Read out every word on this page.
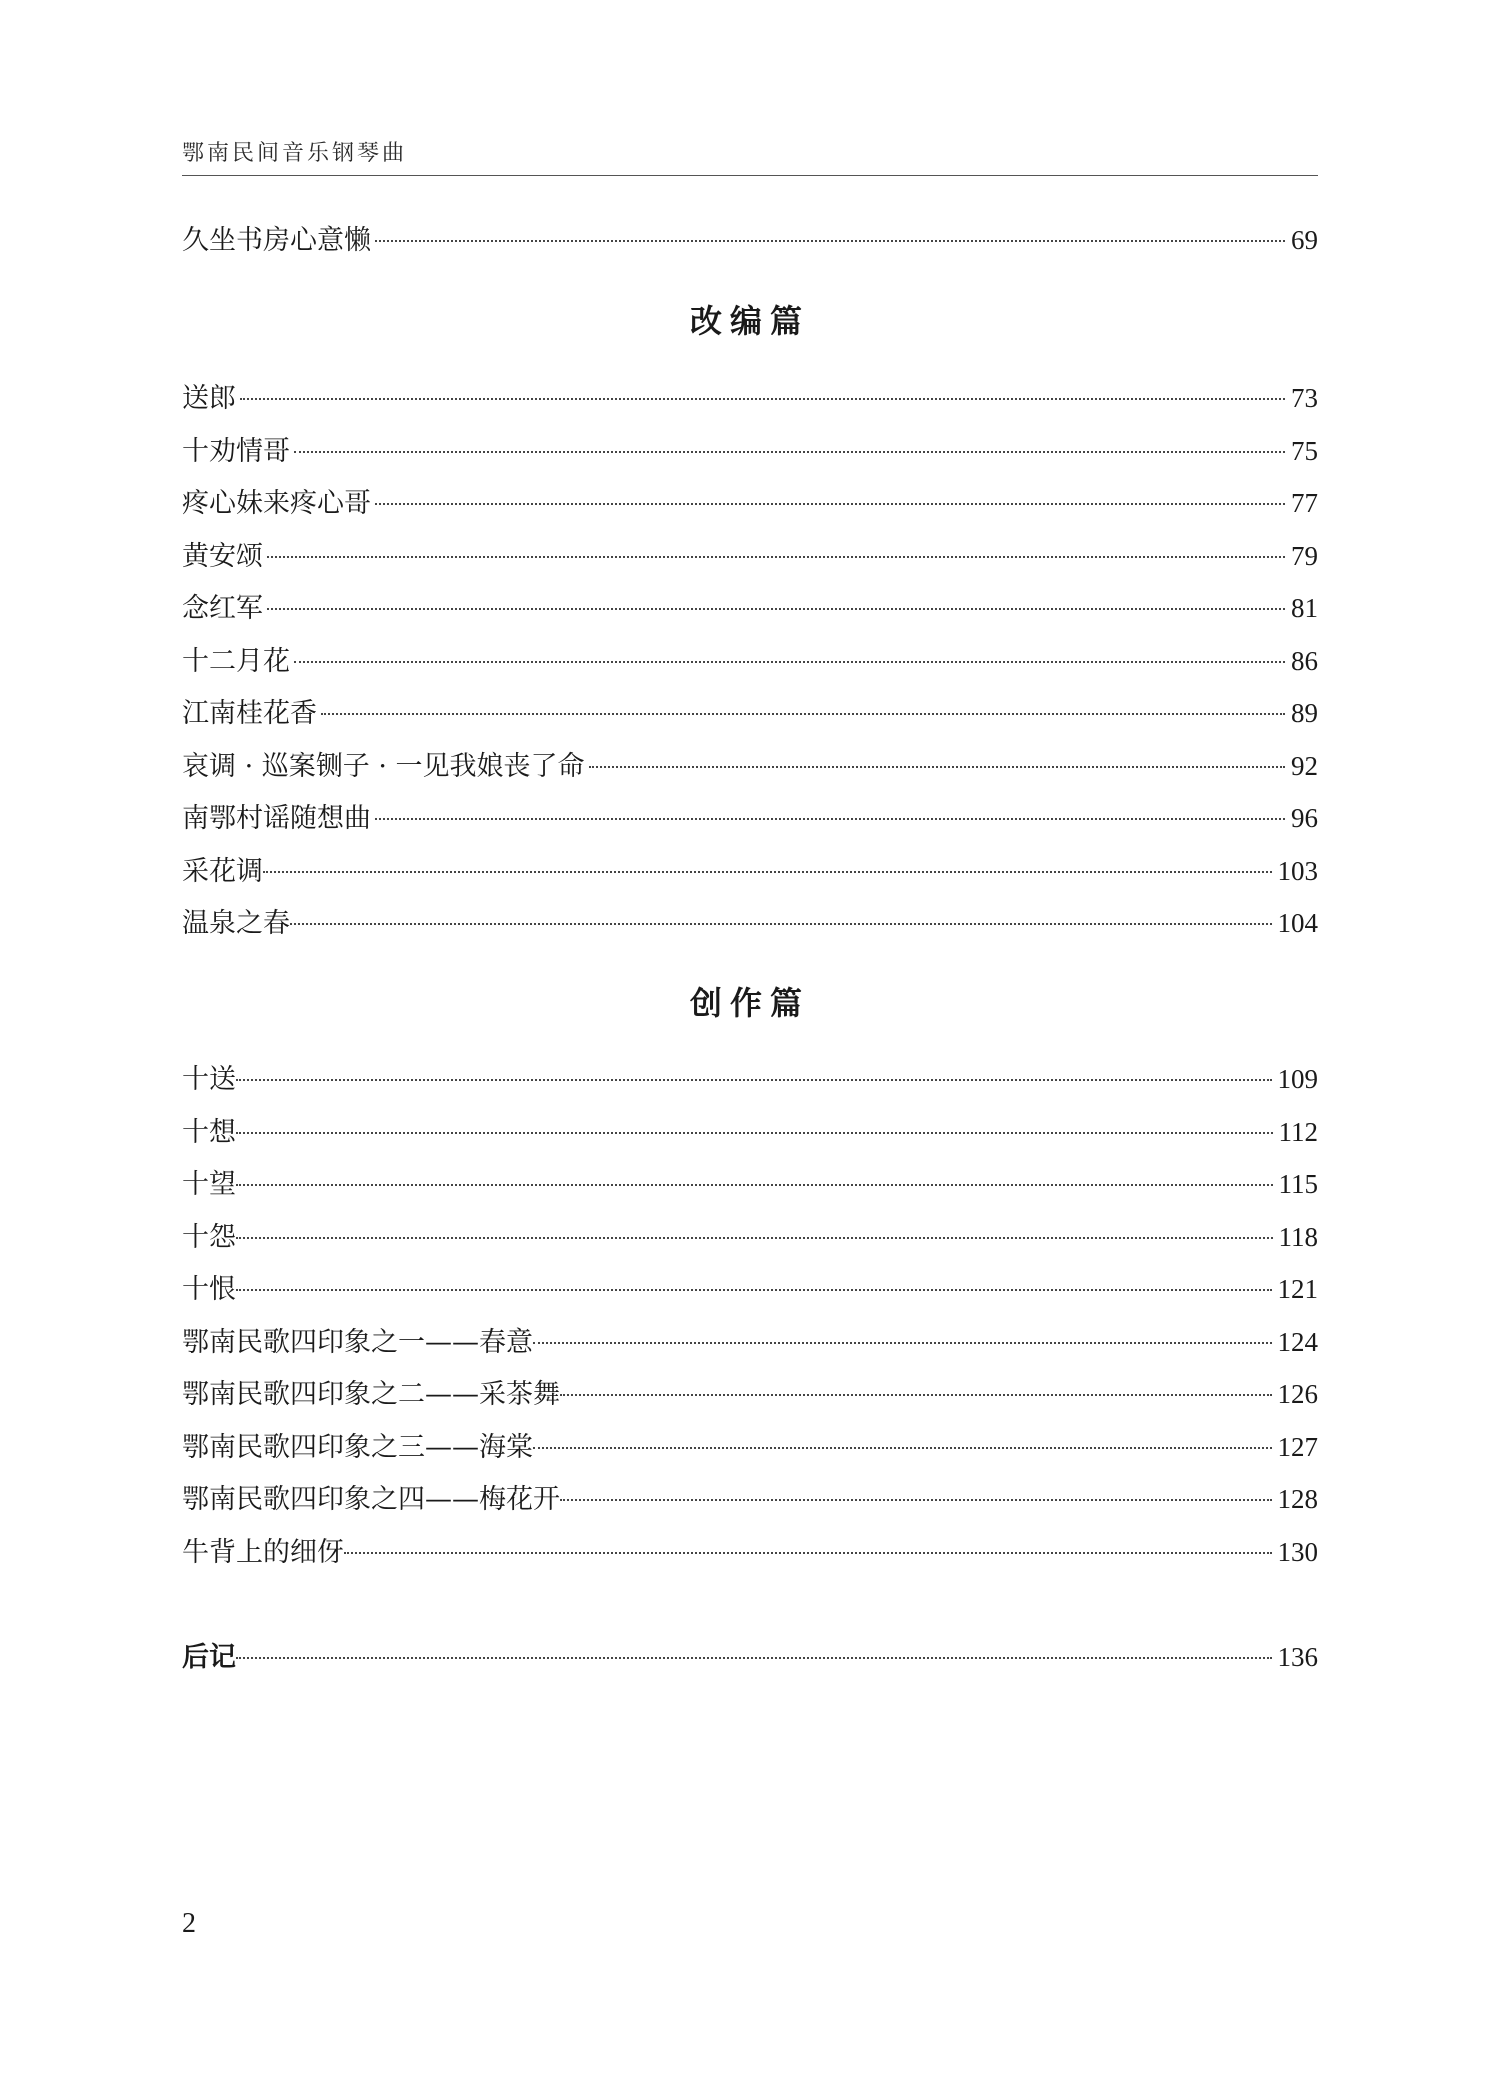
鄂南民间音乐钢琴曲
久坐书房心意懒	69
改编篇
送郎	73
十劝情哥	75
疼心妹来疼心哥	77
黄安颂	79
念红军	81
十二月花	86
江南桂花香	89
哀调 · 巡案铡子 · 一见我娘丧了命	92
南鄂村谣随想曲	96
采花调	103
温泉之春	104
创作篇
十送	109
十想	112
十望	115
十怨	118
十恨	121
鄂南民歌四印象之一——春意	124
鄂南民歌四印象之二——采茶舞	126
鄂南民歌四印象之三——海棠	127
鄂南民歌四印象之四——梅花开	128
牛背上的细伢	130
后记	136
2
